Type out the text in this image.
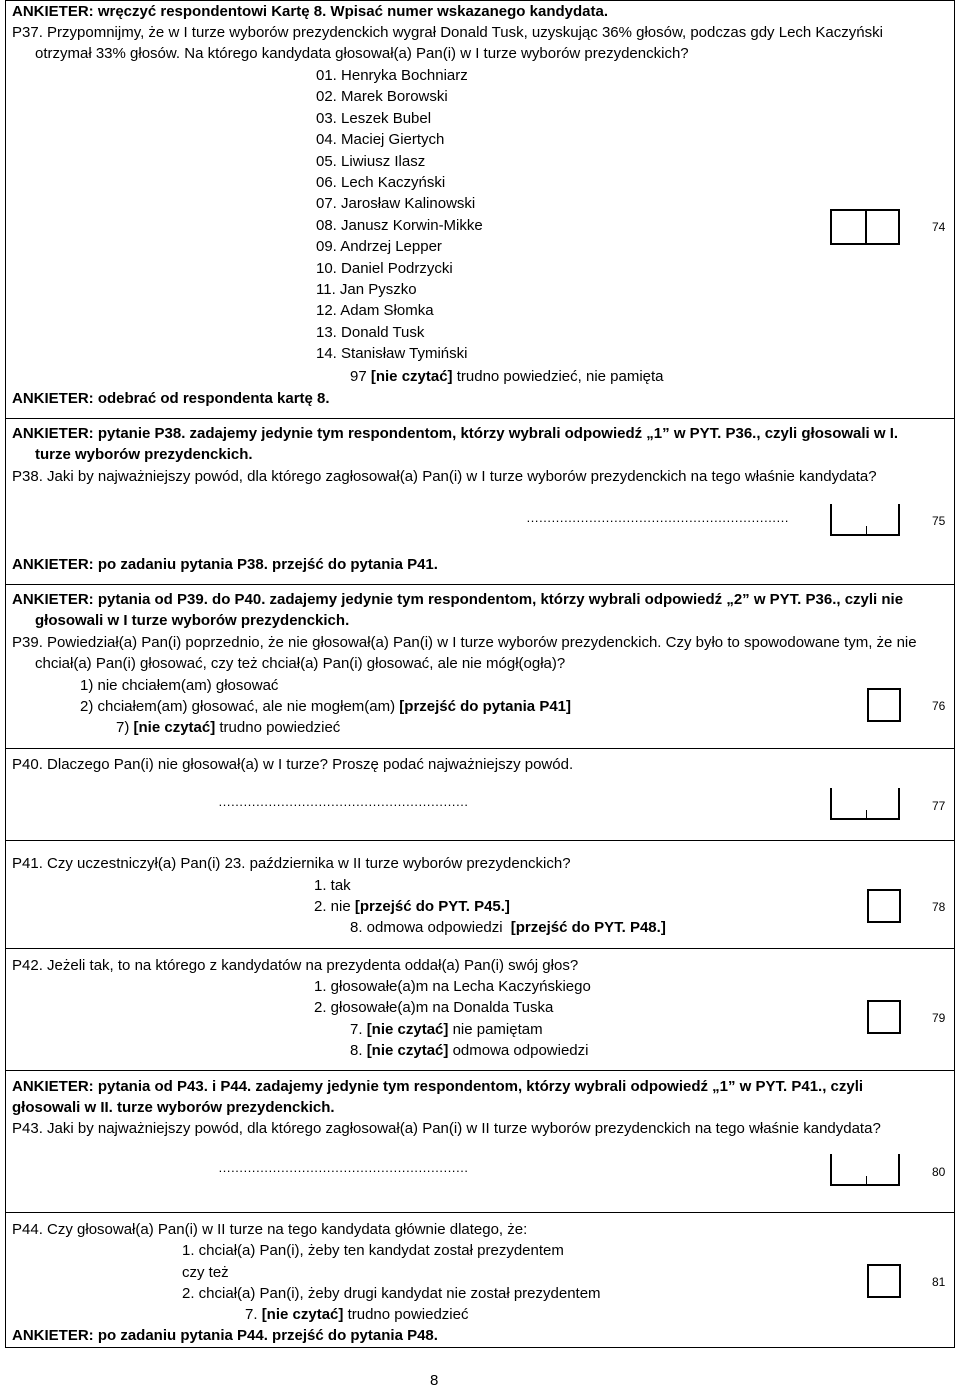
ANKIETER: wręczyć respondentowi Kartę 8. Wpisać numer wskazanego kandydata.
P37. Przypomnijmy, że w I turze wyborów prezydenckich wygrał Donald Tusk, uzyskując 36% głosów, podczas gdy Lech Kaczyński
otrzymał 33% głosów. Na którego kandydata głosował(a) Pan(i) w I turze wyborów prezydenckich?
01. Henryka Bochniarz
02. Marek Borowski
03. Leszek Bubel
04. Maciej Giertych
05. Liwiusz Ilasz
06. Lech Kaczyński
07. Jarosław Kalinowski
08. Janusz Korwin-Mikke
09. Andrzej Lepper
10. Daniel Podrzycki
11. Jan Pyszko
12. Adam Słomka
13. Donald Tusk
14. Stanisław Tymiński
97 [nie czytać] trudno powiedzieć, nie pamięta
ANKIETER: odebrać od respondenta kartę 8.
74
ANKIETER: pytanie P38. zadajemy jedynie tym respondentom, którzy wybrali odpowiedź „1” w PYT. P36., czyli głosowali w I.
turze wyborów prezydenckich.
P38. Jaki by najważniejszy powód, dla którego zagłosował(a) Pan(i) w I turze wyborów prezydenckich na tego właśnie kandydata?
………………………………………………………	75
ANKIETER: po zadaniu pytania P38. przejść do pytania P41.
ANKIETER: pytania od P39. do P40. zadajemy jedynie tym respondentom, którzy wybrali odpowiedź „2” w PYT. P36., czyli nie
głosowali w I turze wyborów prezydenckich.
P39. Powiedział(a) Pan(i) poprzednio, że nie głosował(a) Pan(i) w I turze wyborów prezydenckich. Czy było to spowodowane tym, że nie
chciał(a) Pan(i) głosować, czy też chciał(a) Pan(i) głosować, ale nie mógł(ogła)?
1) nie chciałem(am) głosować
2) chciałem(am) głosować, ale nie mogłem(am) [przejść do pytania P41]
7) [nie czytać] trudno powiedzieć
76
P40. Dlaczego Pan(i) nie głosował(a) w I turze? Proszę podać najważniejszy powód.
……………………………………………………	77
P41. Czy uczestniczył(a) Pan(i) 23. października w II turze wyborów prezydenckich?
1. tak
2. nie [przejść do PYT. P45.]
8. odmowa odpowiedzi [przejść do PYT. P48.]
78
P42. Jeżeli tak, to na którego z kandydatów na prezydenta oddał(a) Pan(i) swój głos?
1. głosowałe(a)m na Lecha Kaczyńskiego
2. głosowałe(a)m na Donalda Tuska
7. [nie czytać] nie pamiętam
8. [nie czytać] odmowa odpowiedzi
79
ANKIETER: pytania od P43. i P44. zadajemy jedynie tym respondentom, którzy wybrali odpowiedź „1” w PYT. P41., czyli
głosowali w II. turze wyborów prezydenckich.
P43. Jaki by najważniejszy powód, dla którego zagłosował(a) Pan(i) w II turze wyborów prezydenckich na tego właśnie kandydata?
……………………………………………………	80
P44. Czy głosował(a) Pan(i) w II turze na tego kandydata głównie dlatego, że:
1. chciał(a) Pan(i), żeby ten kandydat został prezydentem
czy też
2. chciał(a) Pan(i), żeby drugi kandydat nie został prezydentem
7. [nie czytać] trudno powiedzieć
ANKIETER: po zadaniu pytania P44. przejść do pytania P48.
81
8
